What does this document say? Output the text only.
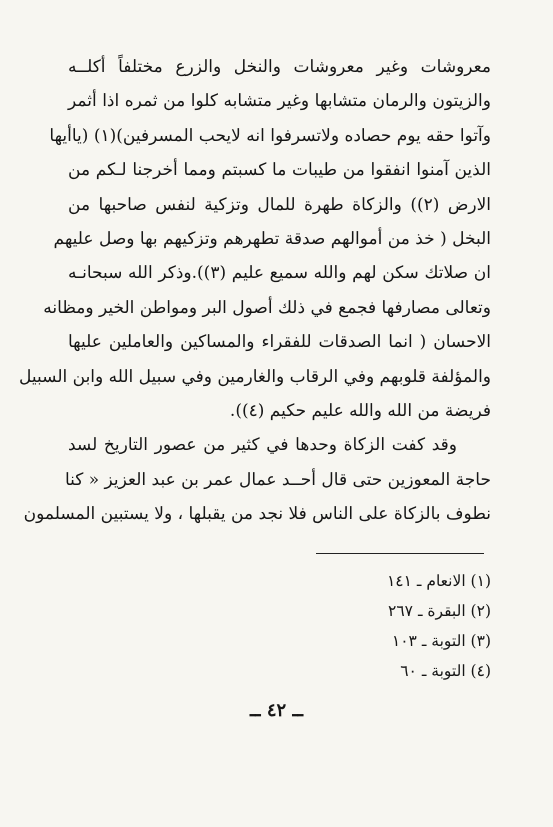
معروشات وغير معروشات والنخل والزرع مختلفاً أكلــه
والزيتون والرمان متشابها وغير متشابه كلوا من ثمره اذا أثمر
وآتوا حقه يوم حصاده ولاتسرفوا انه لايحب المسرفين)(١) (ياأيها
الذين آمنوا انفقوا من طيبات ما كسبتم ومما أخرجنا لـكم من
الارض (٢)) والزكاة طهرة للمال وتزكية لنفس صاحبها من
البخل ( خذ من أموالهم صدقة تطهرهم وتزكيهم بها وصل عليهم
ان صلاتك سكن لهم والله سميع عليم (٣)).وذكر الله سبحانـه
وتعالى مصارفها فجمع في ذلك أصول البر ومواطن الخير ومظانه
الاحسان ( انما الصدقات للفقراء والمساكين والعاملين عليها
والمؤلفة قلوبهم وفي الرقاب والغارمين وفي سبيل الله وابن السبيل
فريضة من الله والله عليم حكيم (٤)).

وقد كفت الزكاة وحدها في كثير من عصور التاريخ لسد
حاجة المعوزين حتى قال أحــد عمال عمر بن عبد العزيز « كنا
نطوف بالزكاة على الناس فلا نجد من يقبلها ، ولا يستبين المسلمون

(١) الانعام ـ ١٤١
(٢) البقرة ـ ٢٦٧
(٣) التوبة ـ ١٠٣
(٤) التوبة ـ ٦٠
ــ ٤٢ ــ
